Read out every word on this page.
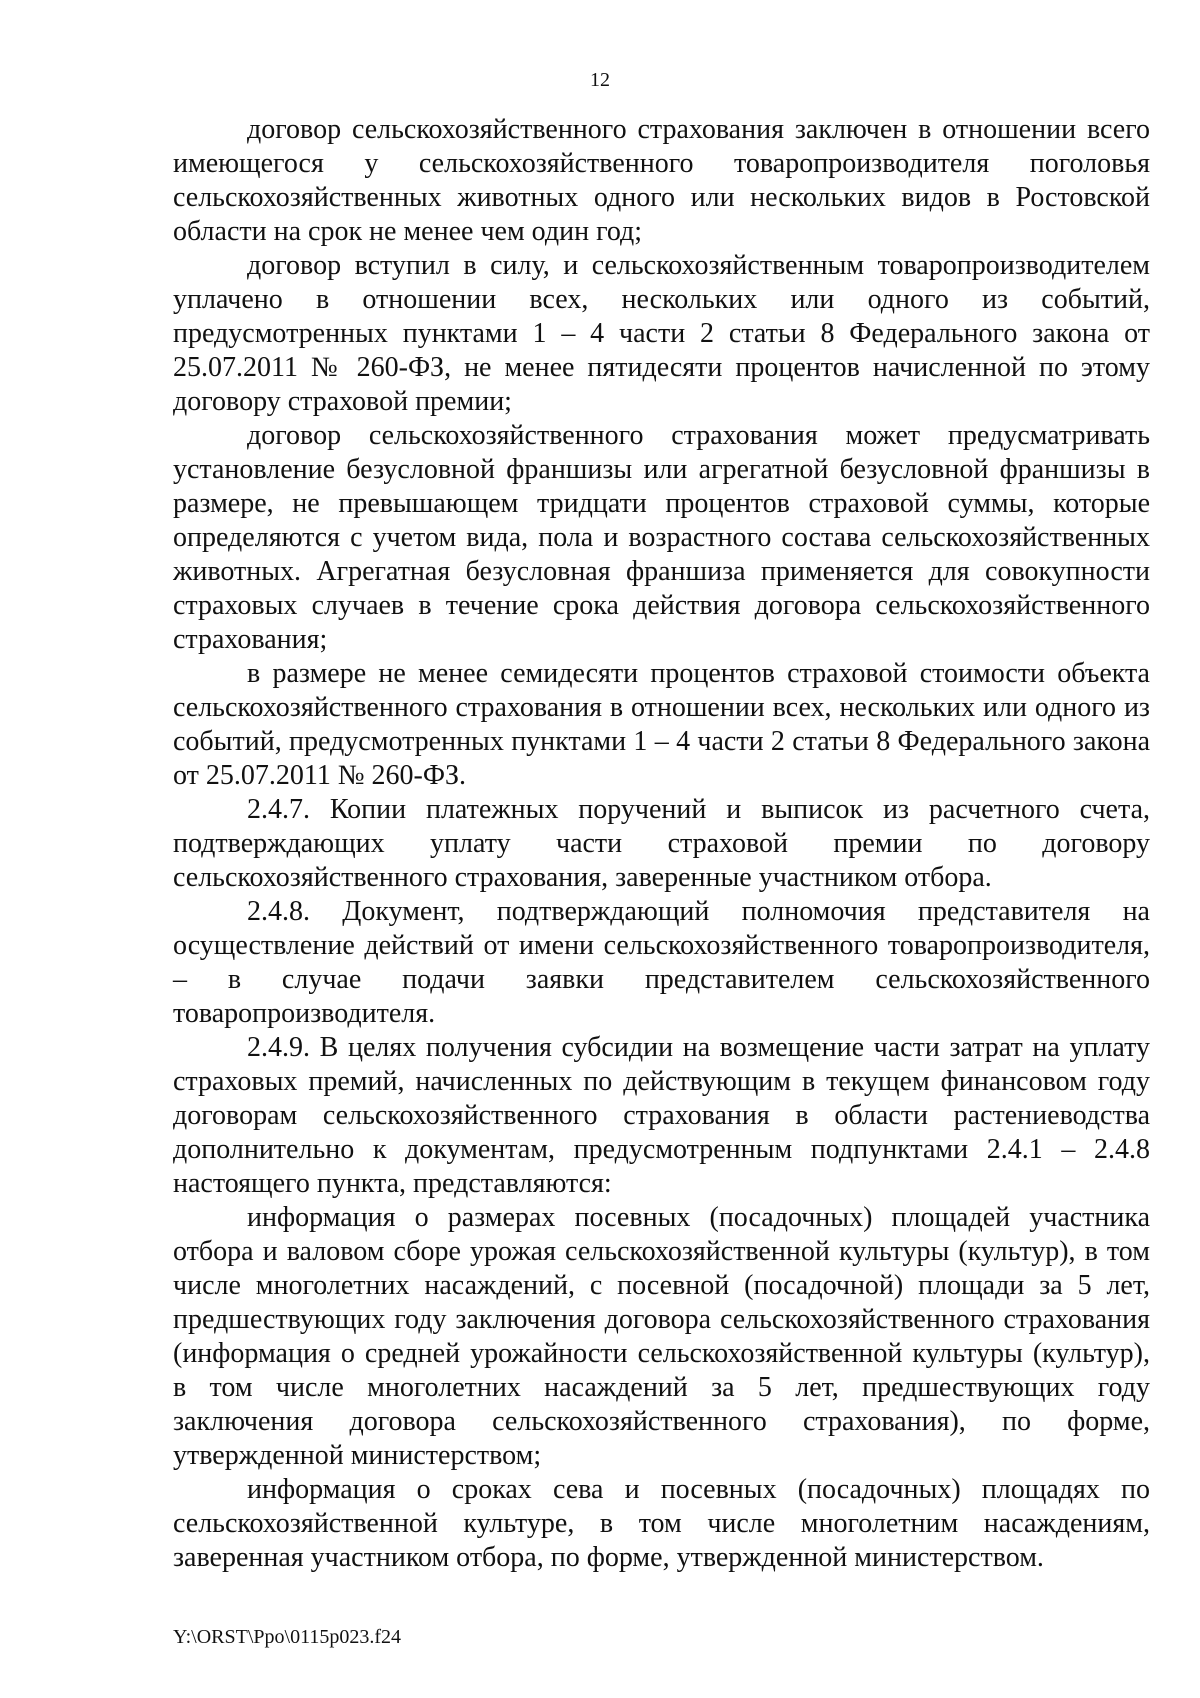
12

договор сельскохозяйственного страхования заключен в отношении всего имеющегося у сельскохозяйственного товаропроизводителя поголовья сельскохозяйственных животных одного или нескольких видов в Ростовской области на срок не менее чем один год;

договор вступил в силу, и сельскохозяйственным товаропроизводителем уплачено в отношении всех, нескольких или одного из событий, предусмотренных пунктами 1 – 4 части 2 статьи 8 Федерального закона от 25.07.2011 № 260-ФЗ, не менее пятидесяти процентов начисленной по этому договору страховой премии;

договор сельскохозяйственного страхования может предусматривать установление безусловной франшизы или агрегатной безусловной франшизы в размере, не превышающем тридцати процентов страховой суммы, которые определяются с учетом вида, пола и возрастного состава сельскохозяйственных животных. Агрегатная безусловная франшиза применяется для совокупности страховых случаев в течение срока действия договора сельскохозяйственного страхования;

в размере не менее семидесяти процентов страховой стоимости объекта сельскохозяйственного страхования в отношении всех, нескольких или одного из событий, предусмотренных пунктами 1 – 4 части 2 статьи 8 Федерального закона от 25.07.2011 № 260-ФЗ.

2.4.7. Копии платежных поручений и выписок из расчетного счета, подтверждающих уплату части страховой премии по договору сельскохозяйственного страхования, заверенные участником отбора.

2.4.8. Документ, подтверждающий полномочия представителя на осуществление действий от имени сельскохозяйственного товаропроизводителя, – в случае подачи заявки представителем сельскохозяйственного товаропроизводителя.

2.4.9. В целях получения субсидии на возмещение части затрат на уплату страховых премий, начисленных по действующим в текущем финансовом году договорам сельскохозяйственного страхования в области растениеводства дополнительно к документам, предусмотренным подпунктами 2.4.1 – 2.4.8 настоящего пункта, представляются:

информация о размерах посевных (посадочных) площадей участника отбора и валовом сборе урожая сельскохозяйственной культуры (культур), в том числе многолетних насаждений, с посевной (посадочной) площади за 5 лет, предшествующих году заключения договора сельскохозяйственного страхования (информация о средней урожайности сельскохозяйственной культуры (культур), в том числе многолетних насаждений за 5 лет, предшествующих году заключения договора сельскохозяйственного страхования), по форме, утвержденной министерством;

информация о сроках сева и посевных (посадочных) площадях по сельскохозяйственной культуре, в том числе многолетним насаждениям, заверенная участником отбора, по форме, утвержденной министерством.

Y:\ORST\Ppo\0115p023.f24
